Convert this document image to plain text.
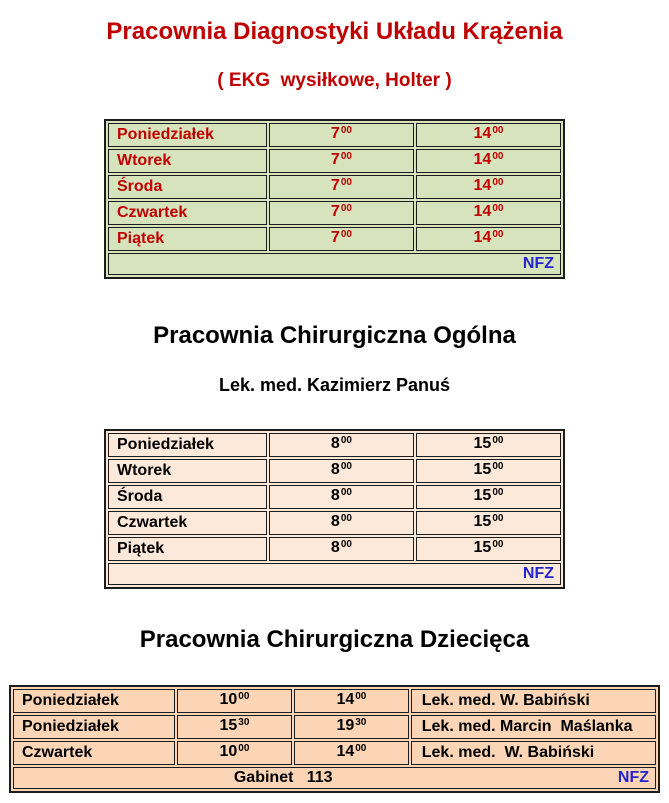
Pracownia Diagnostyki Układu Krążenia
( EKG  wysiłkowe, Holter )
Poniedziałek	$7^{00}$	$14^{00}$
Wtorek	$7^{00}$	$14^{00}$
Środa	$7^{00}$	$14^{00}$
Czwartek	$7^{00}$	$14^{00}$
Piątek	$7^{00}$	$14^{00}$
NFZ		
Pracownia Chirurgiczna Ogólna
Lek. med. Kazimierz Panuś
Poniedziałek	$8^{00}$	$15^{00}$
Wtorek	$8^{00}$	$15^{00}$
Środa	$8^{00}$	$15^{00}$
Czwartek	$8^{00}$	$15^{00}$
Piątek	$8^{00}$	$15^{00}$
NFZ		
Pracownia Chirurgiczna Dziecięca
Poniedziałek	$10^{00}$	$14^{00}$	Lek. med. W. Babiński
Poniedziałek	$15^{30}$	$19^{30}$	Lek. med. Marcin  Maślanka
Czwartek	$10^{00}$	$14^{00}$	Lek. med.  W. Babiński

Gabinet   113 NFZ			
